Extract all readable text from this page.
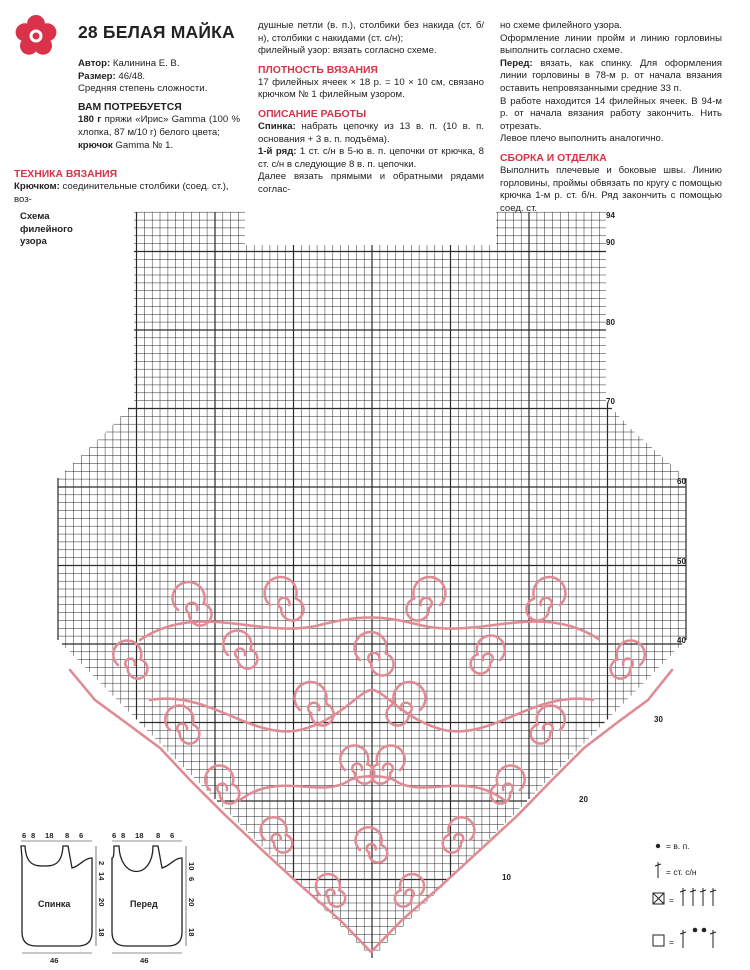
28 БЕЛАЯ МАЙКА

Автор: Калинина Е. В.

Размер: 46/48.

Средняя степень сложности.

ВАМ ПОТРЕБУЕТСЯ

180 г пряжи «Ирис» Gamma (100 % хлопка, 87 м/10 г) белого цвета;

крючок Gamma № 1.

ТЕХНИКА ВЯЗАНИЯ

Крючком: соединительные столбики (соед. ст.), воз-

душные петли (в. п.), столбики без накида (ст. б/н), столбики с накидами (ст. с/н);

филейный узор: вязать согласно схеме.

ПЛОТНОСТЬ ВЯЗАНИЯ

17 филейных ячеек × 18 р. = 10 × 10 см, связано крючком № 1 филейным узором.

ОПИСАНИЕ РАБОТЫ

Спинка: набрать цепочку из 13 в. п. (10 в. п. основания + 3 в. п. подъёма).

1-й ряд: 1 ст. с/н в 5-ю в. п. цепочки от крючка, 8 ст. с/н в следующие 8 в. п. цепочки.

Далее вязать прямыми и обратными рядами соглас-

но схеме филейного узора.

Оформление линии пройм и линию горловины выполнить согласно схеме.

Перед: вязать, как спинку. Для оформления линии горловины в 78-м р. от начала вязания оставить непровязанными средние 33 п.

В работе находится 14 филейных ячеек. В 94-м р. от начала вязания работу закончить. Нить отрезать.

Левое плечо выполнить аналогично.

СБОРКА И ОТДЕЛКА

Выполнить плечевые и боковые швы. Линию горловины, проймы обвязать по кругу с помощью крючка 1-м р. ст. б/н. Ряд закончить с помощью соед. ст.

Схема
филейного
узора
94
90
80
70
60
50
40
30
20
10
Спинка
6 8 18 8 6
2
14
20
18
46
Перед
6 8 18 8 6
10
6
20
18
46
= в. п.
= ст. с/н
=
=
